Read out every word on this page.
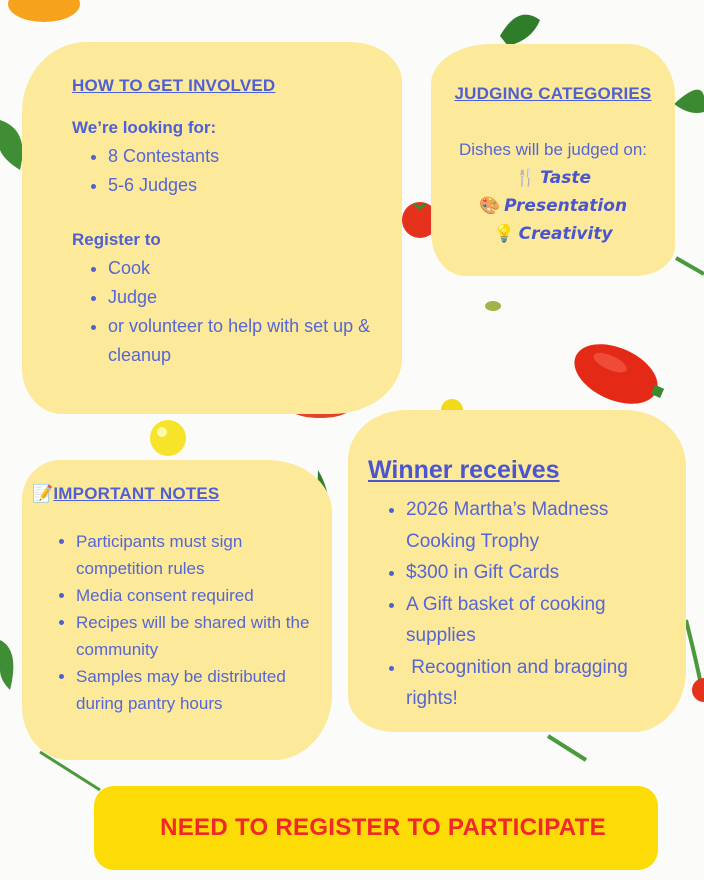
HOW TO GET INVOLVED
We’re looking for:
• 8 Contestants
• 5-6 Judges
Register to
• Cook
• Judge
• or volunteer to help with set up & cleanup
JUDGING CATEGORIES
Dishes will be judged on:
🍴 Taste
🎨 Presentation
💡 Creativity
📝IMPORTANT NOTES
• Participants must sign competition rules
• Media consent required
• Recipes will be shared with the community
• Samples may be distributed during pantry hours
Winner receives
• 2026 Martha’s Madness Cooking Trophy
• $300 in Gift Cards
• A Gift basket of cooking supplies
•  Recognition and bragging rights!
NEED TO REGISTER TO PARTICIPATE
